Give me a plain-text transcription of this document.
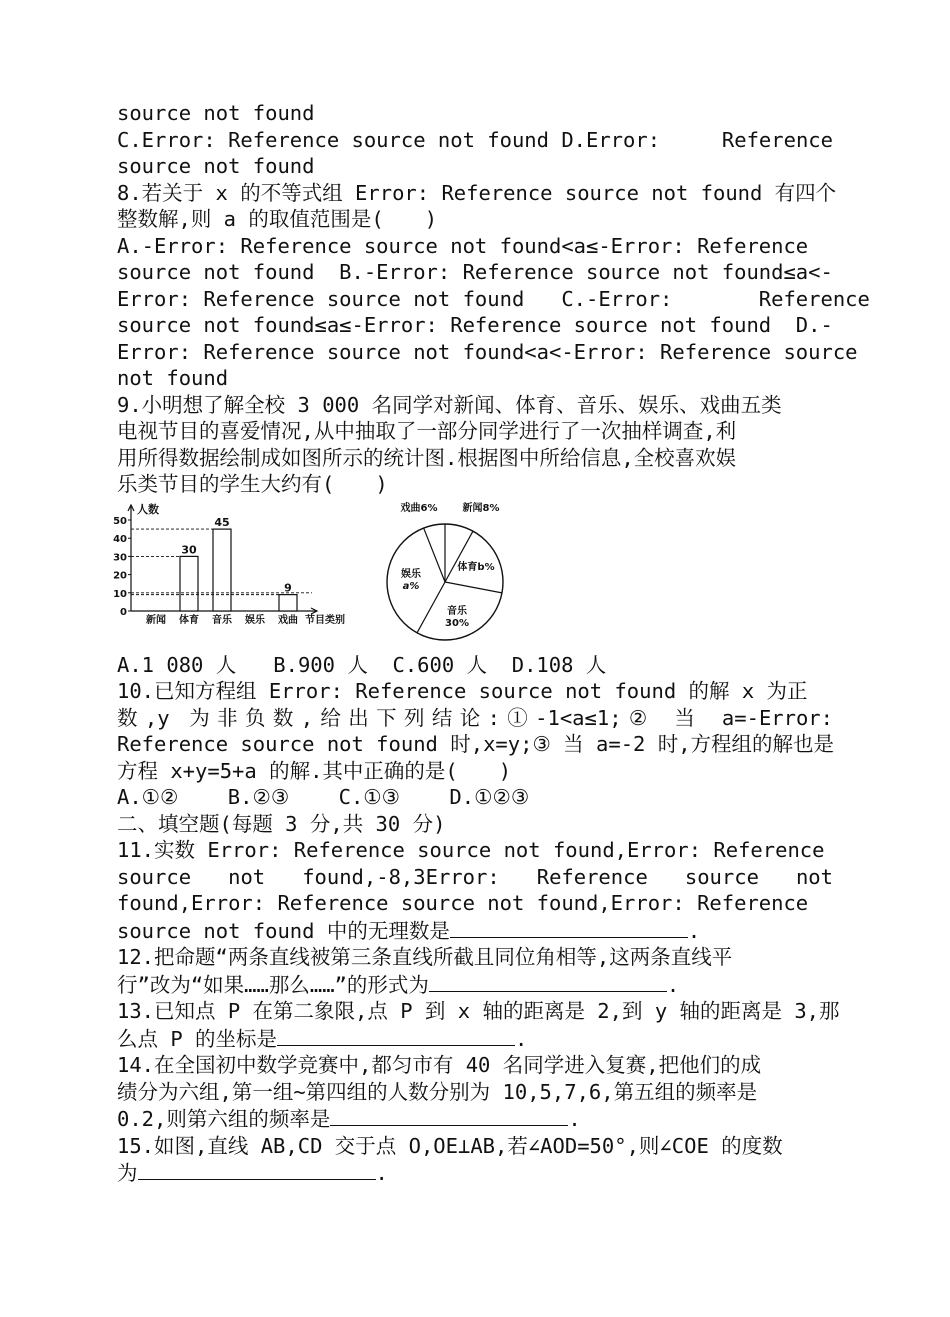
source not found

C.Error: Reference source not found D.Error:	Reference

source not found

8.若关于 x 的不等式组 Error: Reference source not found 有四个

整数解,则 a 的取值范围是(　　)

A.-Error: Reference source not found<a≤-Error: Reference

source not found  B.-Error: Reference source not found≤a<-

Error: Reference source not found   C.-Error:       Reference

source not found≤a≤-Error: Reference source not found  D.-

Error: Reference source not found<a<-Error: Reference source

not found

9.小明想了解全校 3 000 名同学对新闻、体育、音乐、娱乐、戏曲五类

电视节目的喜爱情况,从中抽取了一部分同学进行了一次抽样调查,利

用所得数据绘制成如图所示的统计图.根据图中所给信息,全校喜欢娱

乐类节目的学生大约有(　　)

人数
节目类别
0
10
20
30
40
50
新闻 体育
30
音乐
45
娱乐 戏曲
9
新闻8%
体育b%
音乐
30%
娱乐
a%
戏曲6%

A.1 080 人   B.900 人  C.600 人  D.108 人

10.已知方程组 Error: Reference source not found 的解 x 为正

数,y 为非负数,给出下列结论:①-1<a≤1;② 当 a=-Error:

Reference source not found 时,x=y;③ 当 a=-2 时,方程组的解也是

方程 x+y=5+a 的解.其中正确的是(　　)

A.①②    B.②③    C.①③    D.①②③

二、填空题(每题 3 分,共 30 分)

11.实数 Error: Reference source not found,Error: Reference

source not found,-8,3Error: Reference source not

found,Error: Reference source not found,Error: Reference

source not found 中的无理数是	.

12.把命题“两条直线被第三条直线所截且同位角相等,这两条直线平

行”改为“如果……那么……”的形式为	.

13.已知点 P 在第二象限,点 P 到 x 轴的距离是 2,到 y 轴的距离是 3,那

么点 P 的坐标是	.

14.在全国初中数学竞赛中,都匀市有 40 名同学进入复赛,把他们的成

绩分为六组,第一组~第四组的人数分别为 10,5,7,6,第五组的频率是

0.2,则第六组的频率是	.

15.如图,直线 AB,CD 交于点 O,OE⊥AB,若∠AOD=50°,则∠COE 的度数

为	.
